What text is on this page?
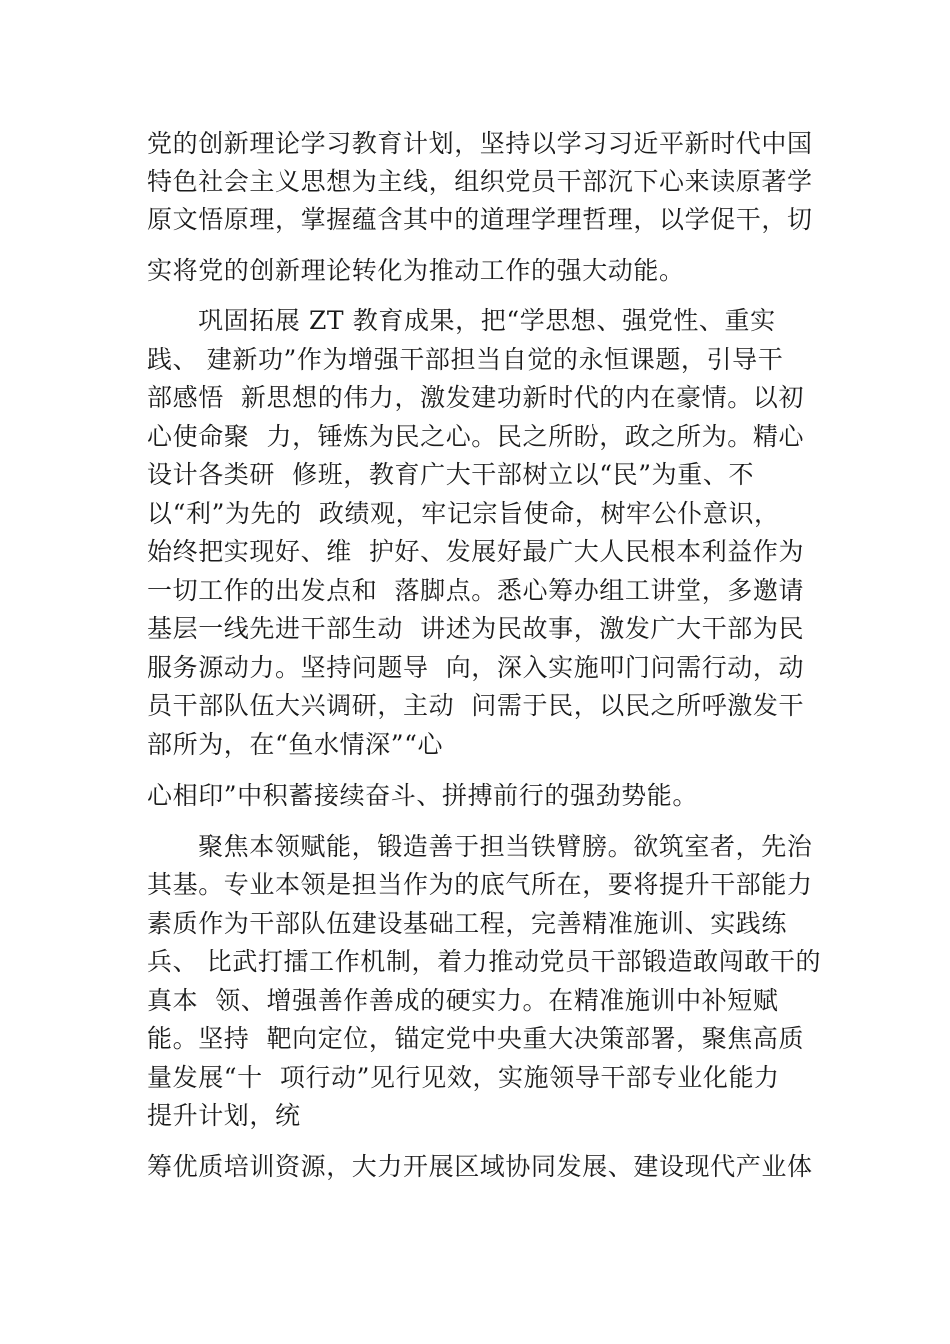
党的创新理论学习教育计划，坚持以学习习近平新时代中国
特色社会主义思想为主线，组织党员干部沉下心来读原著学
原文悟原理，掌握蕴含其中的道理学理哲理，以学促干，切
实将党的创新理论转化为推动工作的强大动能。
巩固拓展 ZT 教育成果，把“学思想、强党性、重实
践、 建新功”作为增强干部担当自觉的永恒课题，引导干
部感悟  新思想的伟力，激发建功新时代的内在豪情。以初
心使命聚  力，锤炼为民之心。民之所盼，政之所为。精心
设计各类研  修班，教育广大干部树立以“民”为重、不
以“利”为先的  政绩观，牢记宗旨使命，树牢公仆意识，
始终把实现好、维  护好、发展好最广大人民根本利益作为
一切工作的出发点和  落脚点。悉心筹办组工讲堂，多邀请
基层一线先进干部生动  讲述为民故事，激发广大干部为民
服务源动力。坚持问题导  向，深入实施叩门问需行动，动
员干部队伍大兴调研，主动  问需于民，以民之所呼激发干
部所为，在“鱼水情深”“心
心相印”中积蓄接续奋斗、拼搏前行的强劲势能。
聚焦本领赋能，锻造善于担当铁臂膀。欲筑室者，先治
其基。专业本领是担当作为的底气所在，要将提升干部能力
素质作为干部队伍建设基础工程，完善精准施训、实践练
兵、 比武打擂工作机制，着力推动党员干部锻造敢闯敢干的
真本  领、增强善作善成的硬实力。在精准施训中补短赋
能。坚持  靶向定位，锚定党中央重大决策部署，聚焦高质
量发展“十  项行动”见行见效，实施领导干部专业化能力
提升计划，统
筹优质培训资源，大力开展区域协同发展、建设现代产业体
